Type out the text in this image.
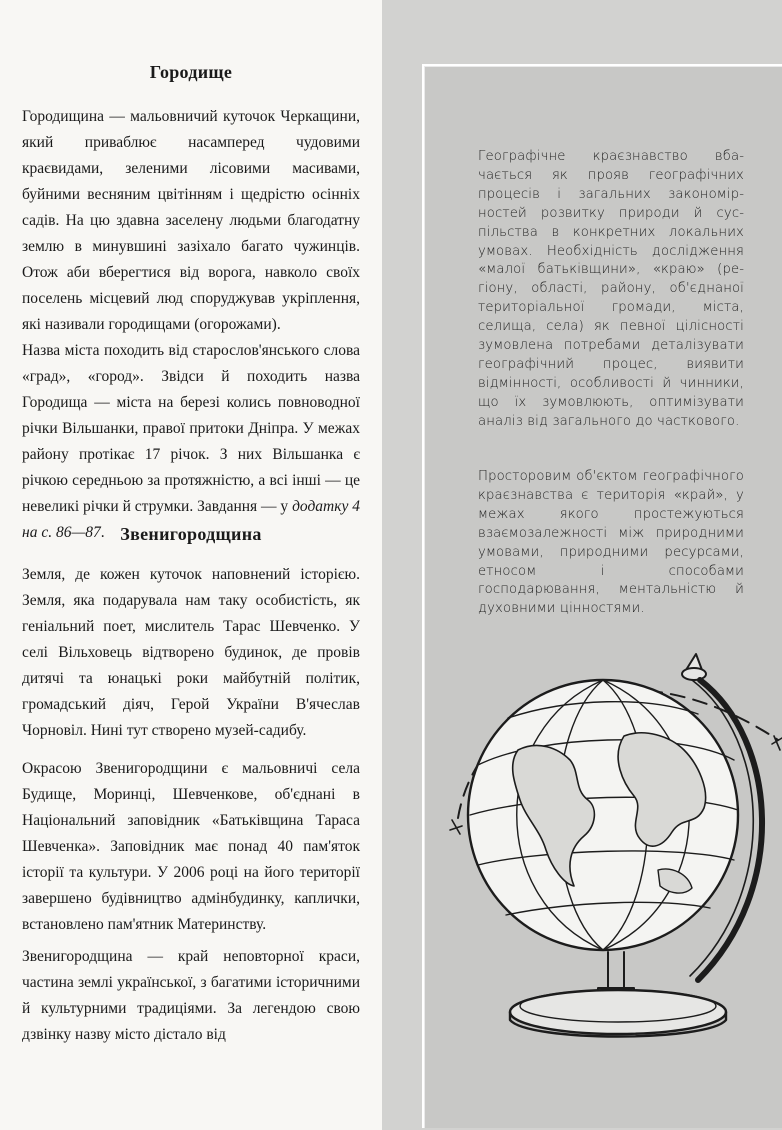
Городище

Городищина — мальовничий куточок Черкащини, який приваблює насамперед чудовими краєвидами, зеленими лісовими масивами, буйними весняним цвітінням і щедрістю осінніх садів. На цю здавна заселену людьми благодатну землю в минувшині зазіхало багато чужинців. Отож аби вберегтися від ворога, навколо своїх поселень місцевий люд споруджував укріплення, які називали городищами (огорожами).

Назва міста походить від старослов'янського слова «град», «город». Звідси й походить назва Городища — міста на березі колись повноводної річки Вільшанки, правої притоки Дніпра. У межах району протікає 17 річок. З них Вільшанка є річкою середньою за протяжністю, а всі інші — це невеликі річки й струмки. Завдання — у додатку 4 на с. 86—87. Звенигородщина

Земля, де кожен куточок наповнений історією. Земля, яка подарувала нам таку особистість, як геніальний поет, мислитель Тарас Шевченко. У селі Вільховець відтворено будинок, де провів дитячі та юнацькі роки майбутній політик, громадський діяч, Герой України В'ячеслав Чорновіл. Нині тут створено музей-садибу.

Окрасою Звенигородщини є мальовничі села Будище, Моринці, Шевченкове, об'єднані в Національний заповідник «Батьківщина Тараса Шевченка». Заповідник має понад 40 пам'яток історії та культури. У 2006 році на його території завершено будівництво адмінбудинку, каплички, встановлено пам'ятник Материнству.

Звенигородщина — край неповторної краси, частина землі української, з багатими історичними й культурними традиціями. За легендою свою дзвінку назву місто дістало від

Географічне краєзнавство вбачається як прояв географічних процесів і загальних закономірностей розвитку природи й суспільства в конкретних локальних умовах. Необхідність дослідження «малої батьківщини», «краю» (регіону, області, району, об'єднаної територіальної громади, міста, селища, села) як певної цілісності зумовлена потребами деталізувати географічний процес, виявити відмінності, особливості й чинники, що їх зумовлюють, оптимізувати аналіз від загального до часткового.

Просторовим об'єктом географічного краєзнавства є територія «край», у межах якого простежуються взаємозалежності між природними умовами, природними ресурсами, етносом і способами господарювання, ментальністю й духовними цінностями.
